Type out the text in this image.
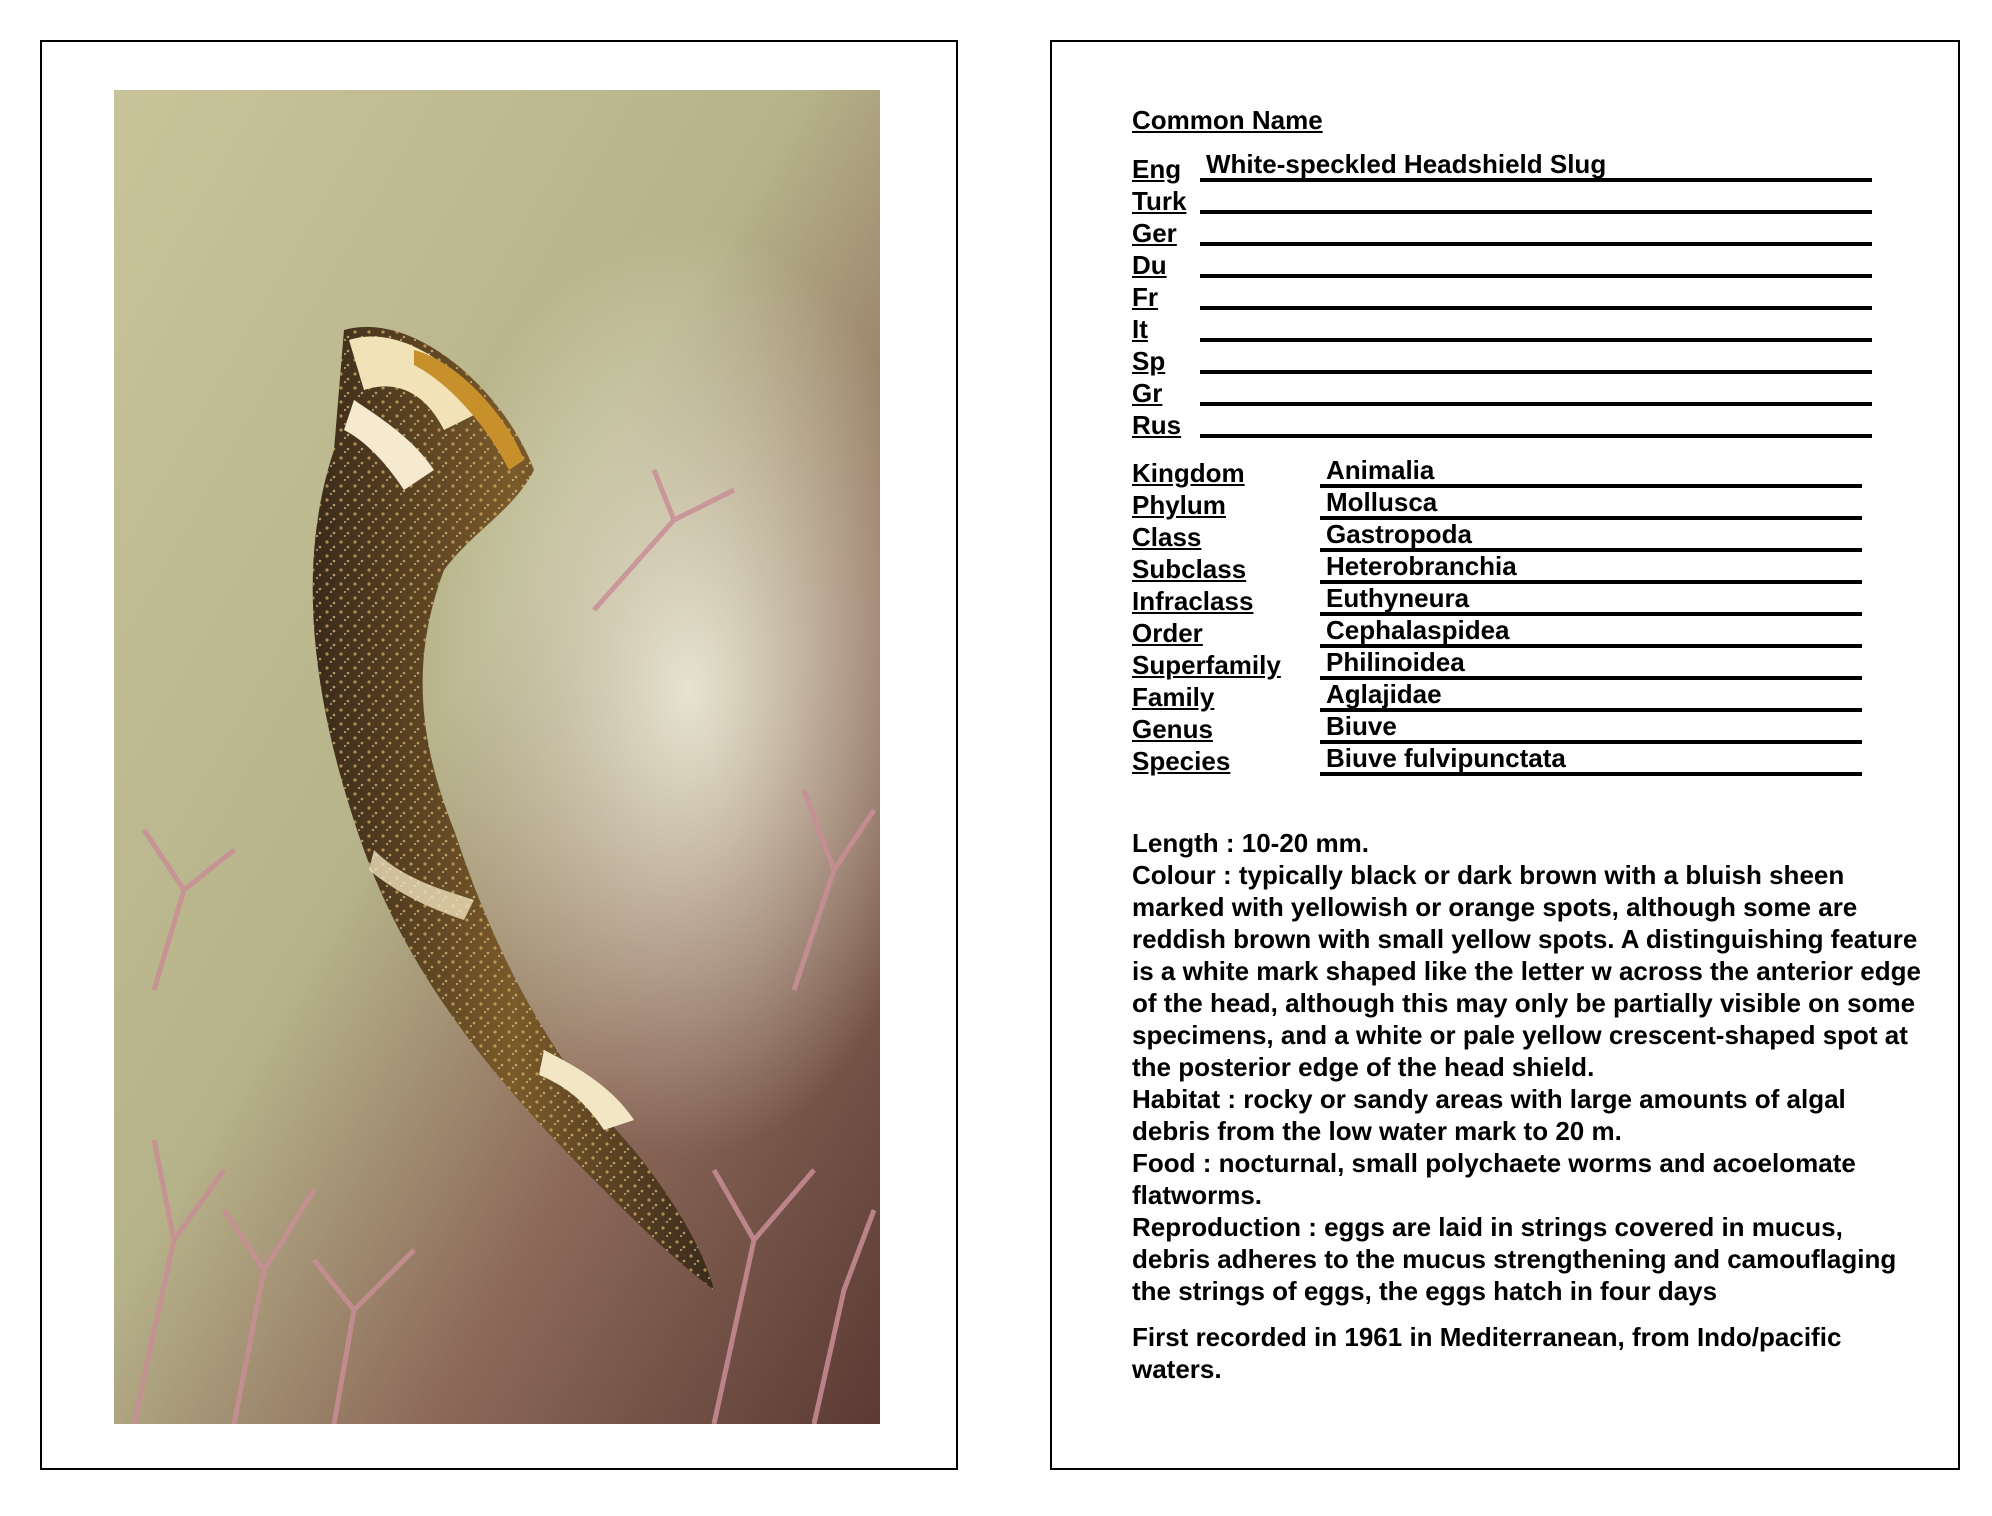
Common Name
Eng White-speckled Headshield Slug
Turk
Ger
Du
Fr
It
Sp
Gr
Rus
Kingdom	Animalia
Phylum	Mollusca
Class	Gastropoda
Subclass	Heterobranchia
Infraclass	Euthyneura
Order	Cephalaspidea
Superfamily Philinoidea
Family	Aglajidae
Genus	Biuve
Species	Biuve fulvipunctata

Length : 10-20 mm.

Colour : typically black or dark brown with a bluish sheen marked with yellowish or orange spots, although some are reddish brown with small yellow spots. A distinguishing feature is a white mark shaped like the letter w across the anterior edge of the head, although this may only be partially visible on some specimens, and a white or pale yellow crescent-shaped spot at the posterior edge of the head shield.

Habitat : rocky or sandy areas with large amounts of algal debris from the low water mark to 20 m.

Food : nocturnal, small polychaete worms and acoelomate flatworms.

Reproduction : eggs are laid in strings covered in mucus, debris adheres to the mucus strengthening and camouflaging the strings of eggs, the eggs hatch in four days

First recorded in 1961 in Mediterranean, from Indo/pacific waters.
